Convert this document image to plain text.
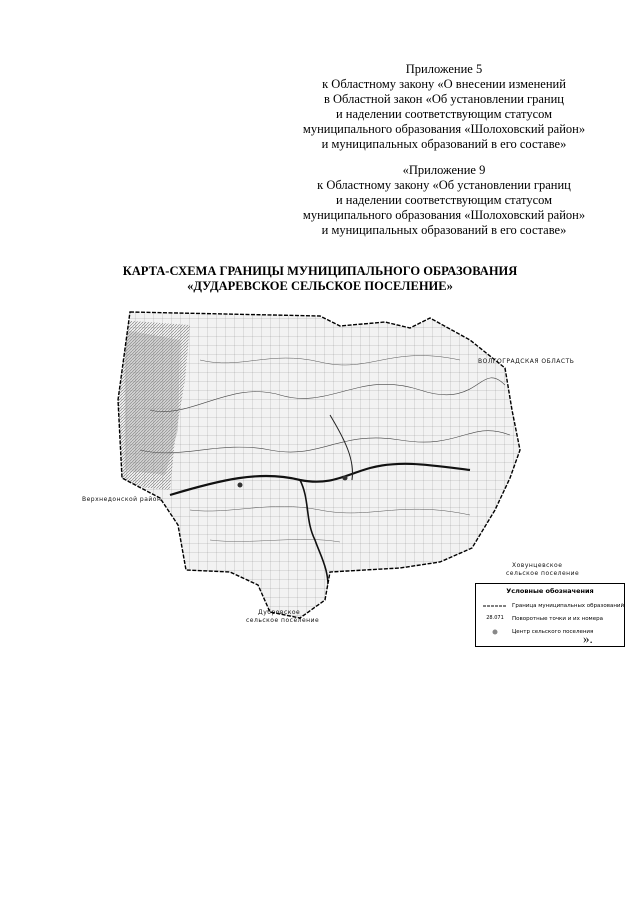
Приложение 5
к Областному закону «О внесении изменений
в Областной закон «Об установлении границ
и наделении соответствующим статусом
муниципального образования «Шолоховский район»
и муниципальных образований в его составе»
«Приложение 9
к Областному закону «Об установлении границ
и наделении соответствующим статусом
муниципального образования «Шолоховский район»
и муниципальных образований в его составе»
КАРТА-СХЕМА ГРАНИЦЫ МУНИЦИПАЛЬНОГО ОБРАЗОВАНИЯ
«ДУДАРЕВСКОЕ СЕЛЬСКОЕ ПОСЕЛЕНИЕ»
ВОЛГОГРАДСКАЯ ОБЛАСТЬ
Верхнедонской район
Ховунцевское
сельское поселение
Дубровское
сельское поселение
Условные обозначения
Граница муниципальных образований
28.071	Поворотные точки и их номера
Центр сельского поселения
».
